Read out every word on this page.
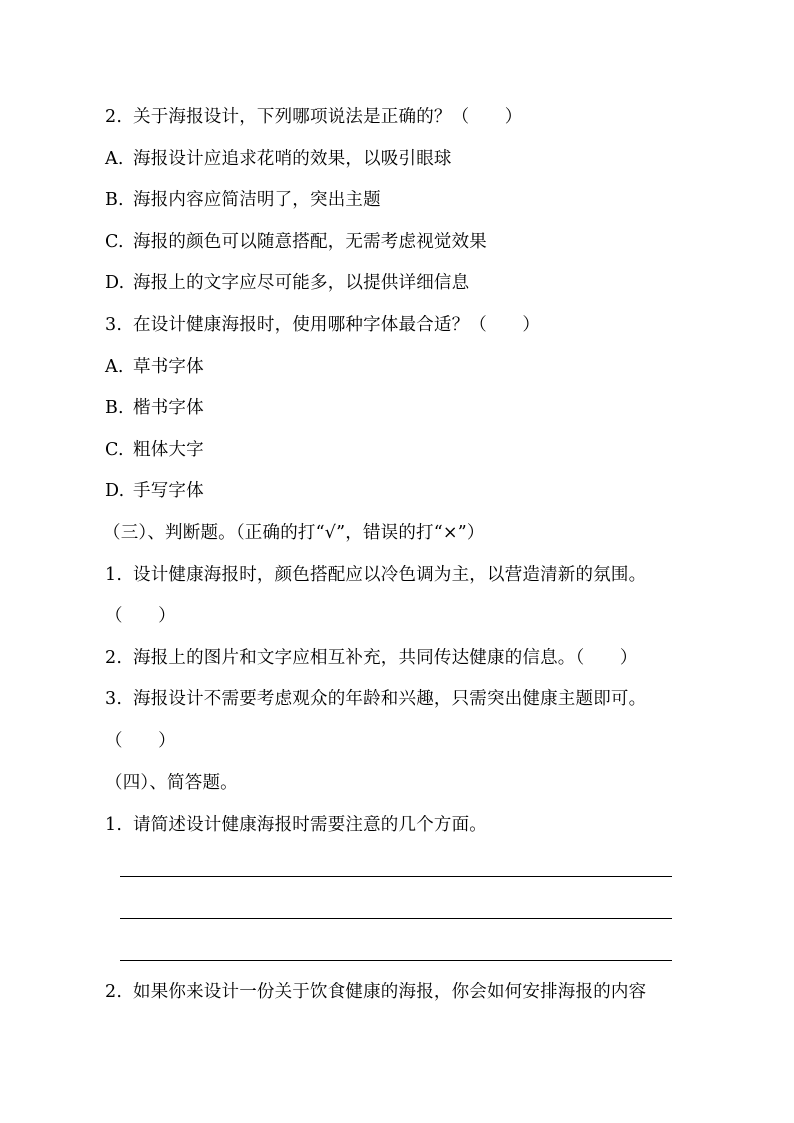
2. 关于海报设计，下列哪项说法是正确的？（　　）
A. 海报设计应追求花哨的效果，以吸引眼球
B. 海报内容应简洁明了，突出主题
C. 海报的颜色可以随意搭配，无需考虑视觉效果
D. 海报上的文字应尽可能多，以提供详细信息
3. 在设计健康海报时，使用哪种字体最合适？（　　）
A. 草书字体
B. 楷书字体
C. 粗体大字
D. 手写字体
（三）、判断题。（正确的打“√”，错误的打“×”）
1. 设计健康海报时，颜色搭配应以冷色调为主，以营造清新的氛围。
（　　）
2. 海报上的图片和文字应相互补充，共同传达健康的信息。（　　）
3. 海报设计不需要考虑观众的年龄和兴趣，只需突出健康主题即可。
（　　）
（四）、简答题。
1. 请简述设计健康海报时需要注意的几个方面。
2. 如果你来设计一份关于饮食健康的海报，你会如何安排海报的内容
